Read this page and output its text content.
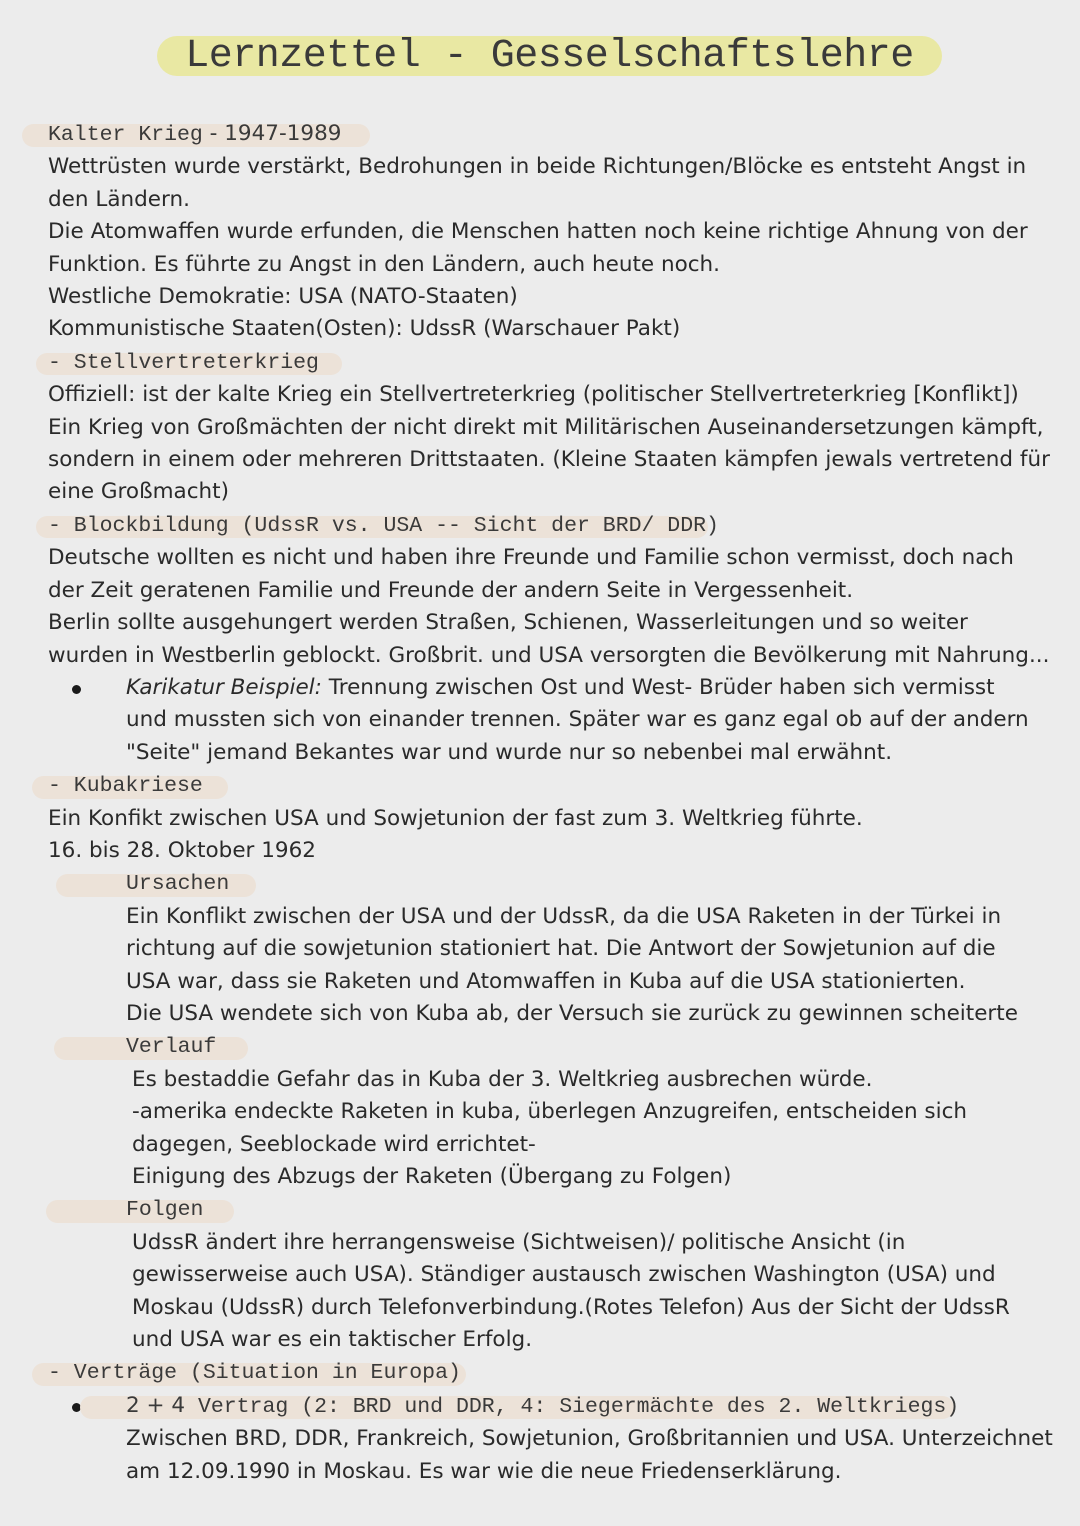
Lernzettel - Gesselschaftslehre
Kalter Krieg - 1947-1989
Wettrüsten wurde verstärkt, Bedrohungen in beide Richtungen/Blöcke es entsteht Angst in
den Ländern.
Die Atomwaffen wurde erfunden, die Menschen hatten noch keine richtige Ahnung von der
Funktion. Es führte zu Angst in den Ländern, auch heute noch.
Westliche Demokratie: USA (NATO-Staaten)
Kommunistische Staaten(Osten): UdssR (Warschauer Pakt)
- Stellvertreterkrieg
Offiziell: ist der kalte Krieg ein Stellvertreterkrieg (politischer Stellvertreterkrieg [Konflikt])
Ein Krieg von Großmächten der nicht direkt mit Militärischen Auseinandersetzungen kämpft,
sondern in einem oder mehreren Drittstaaten. (Kleine Staaten kämpfen jewals vertretend für
eine Großmacht)
- Blockbildung (UdssR vs. USA -- Sicht der BRD/ DDR)
Deutsche wollten es nicht und haben ihre Freunde und Familie schon vermisst, doch nach
der Zeit geratenen Familie und Freunde der andern Seite in Vergessenheit.
Berlin sollte ausgehungert werden Straßen, Schienen, Wasserleitungen und so weiter
wurden in Westberlin geblockt. Großbrit. und USA versorgten die Bevölkerung mit Nahrung...
Karikatur Beispiel: Trennung zwischen Ost und West- Brüder haben sich vermisst
und mussten sich von einander trennen. Später war es ganz egal ob auf der andern
"Seite" jemand Bekantes war und wurde nur so nebenbei mal erwähnt.
- Kubakriese
Ein Konfikt zwischen USA und Sowjetunion der fast zum 3. Weltkrieg führte.
16. bis 28. Oktober 1962
Ursachen
Ein Konflikt zwischen der USA und der UdssR, da die USA Raketen in der Türkei in
richtung auf die sowjetunion stationiert hat. Die Antwort der Sowjetunion auf die
USA war, dass sie Raketen und Atomwaffen in Kuba auf die USA stationierten.
Die USA wendete sich von Kuba ab, der Versuch sie zurück zu gewinnen scheiterte
Verlauf
Es bestaddie Gefahr das in Kuba der 3. Weltkrieg ausbrechen würde.
-amerika endeckte Raketen in kuba, überlegen Anzugreifen, entscheiden sich
dagegen, Seeblockade wird errichtet-
Einigung des Abzugs der Raketen (Übergang zu Folgen)
Folgen
UdssR ändert ihre herrangensweise (Sichtweisen)/ politische Ansicht (in
gewisserweise auch USA). Ständiger austausch zwischen Washington (USA) und
Moskau (UdssR) durch Telefonverbindung.(Rotes Telefon) Aus der Sicht der UdssR
und USA war es ein taktischer Erfolg.
- Verträge (Situation in Europa)
2 + 4 Vertrag (2: BRD und DDR, 4: Siegermächte des 2. Weltkriegs)
Zwischen BRD, DDR, Frankreich, Sowjetunion, Großbritannien und USA. Unterzeichnet
am 12.09.1990 in Moskau. Es war wie die neue Friedenserklärung.
